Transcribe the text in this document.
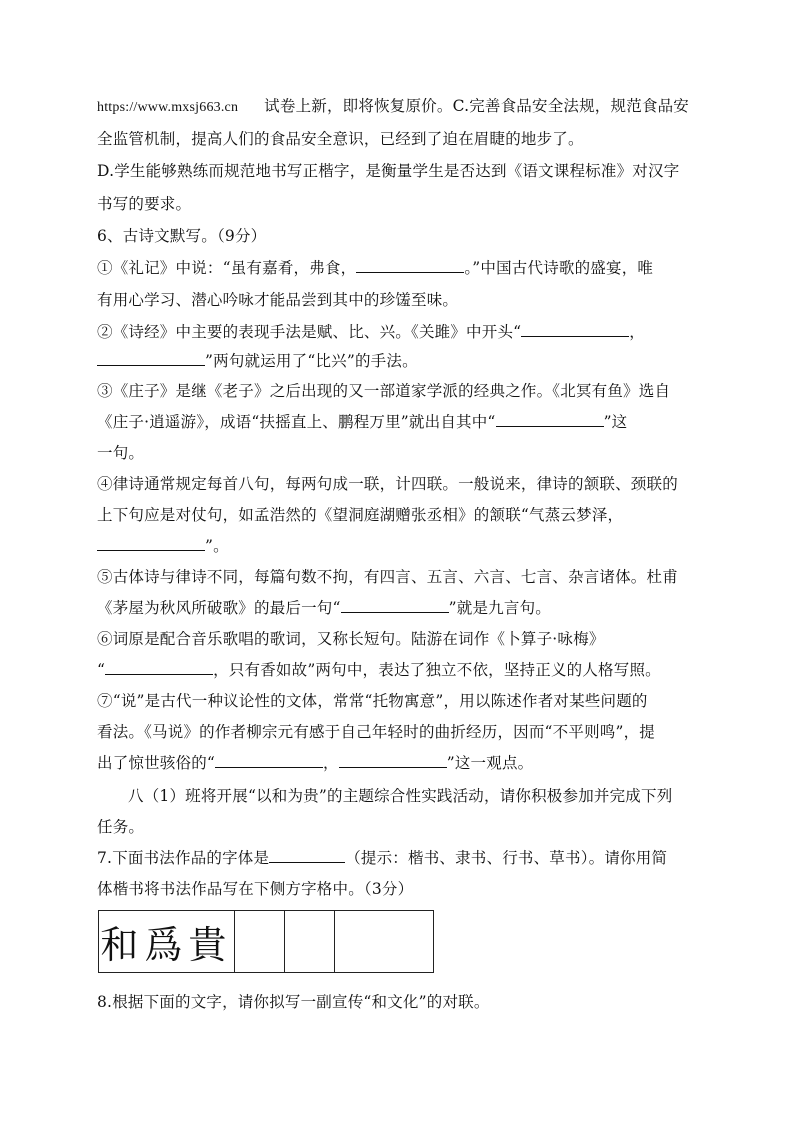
https://www.mxsj663.cn 试卷上新，即将恢复原价。C.完善食品安全法规，规范食品安
全监管机制，提高人们的食品安全意识，已经到了迫在眉睫的地步了。
D.学生能够熟练而规范地书写正楷字，是衡量学生是否达到《语文课程标准》对汉字
书写的要求。
6、古诗文默写。（9分）
①《礼记》中说：“虽有嘉肴，弗食，	。”中国古代诗歌的盛宴，唯
有用心学习、潜心吟咏才能品尝到其中的珍馐至味。
②《诗经》中主要的表现手法是赋、比、兴。《关雎》中开头“	，
”两句就运用了“比兴”的手法。
③《庄子》是继《老子》之后出现的又一部道家学派的经典之作。《北冥有鱼》选自
《庄子·逍遥游》，成语“扶摇直上、鹏程万里”就出自其中“	”这
一句。
④律诗通常规定每首八句，每两句成一联，计四联。一般说来，律诗的颔联、颈联的
上下句应是对仗句，如孟浩然的《望洞庭湖赠张丞相》的颔联“气蒸云梦泽，
”。
⑤古体诗与律诗不同，每篇句数不拘，有四言、五言、六言、七言、杂言诸体。杜甫
《茅屋为秋风所破歌》的最后一句“	”就是九言句。
⑥词原是配合音乐歌唱的歌词，又称长短句。陆游在词作《卜算子·咏梅》
“	，只有香如故”两句中，表达了独立不依，坚持正义的人格写照。
⑦“说”是古代一种议论性的文体，常常“托物寓意”，用以陈述作者对某些问题的
看法。《马说》的作者柳宗元有感于自己年轻时的曲折经历，因而“不平则鸣”，提
出了惊世骇俗的“	，	”这一观点。
八（1）班将开展“以和为贵”的主题综合性实践活动，请你积极参加并完成下列
任务。
7.下面书法作品的字体是	（提示：楷书、隶书、行书、草书）。请你用简
体楷书将书法作品写在下侧方字格中。（3分）
和爲貴
8.根据下面的文字，请你拟写一副宣传“和文化”的对联。
